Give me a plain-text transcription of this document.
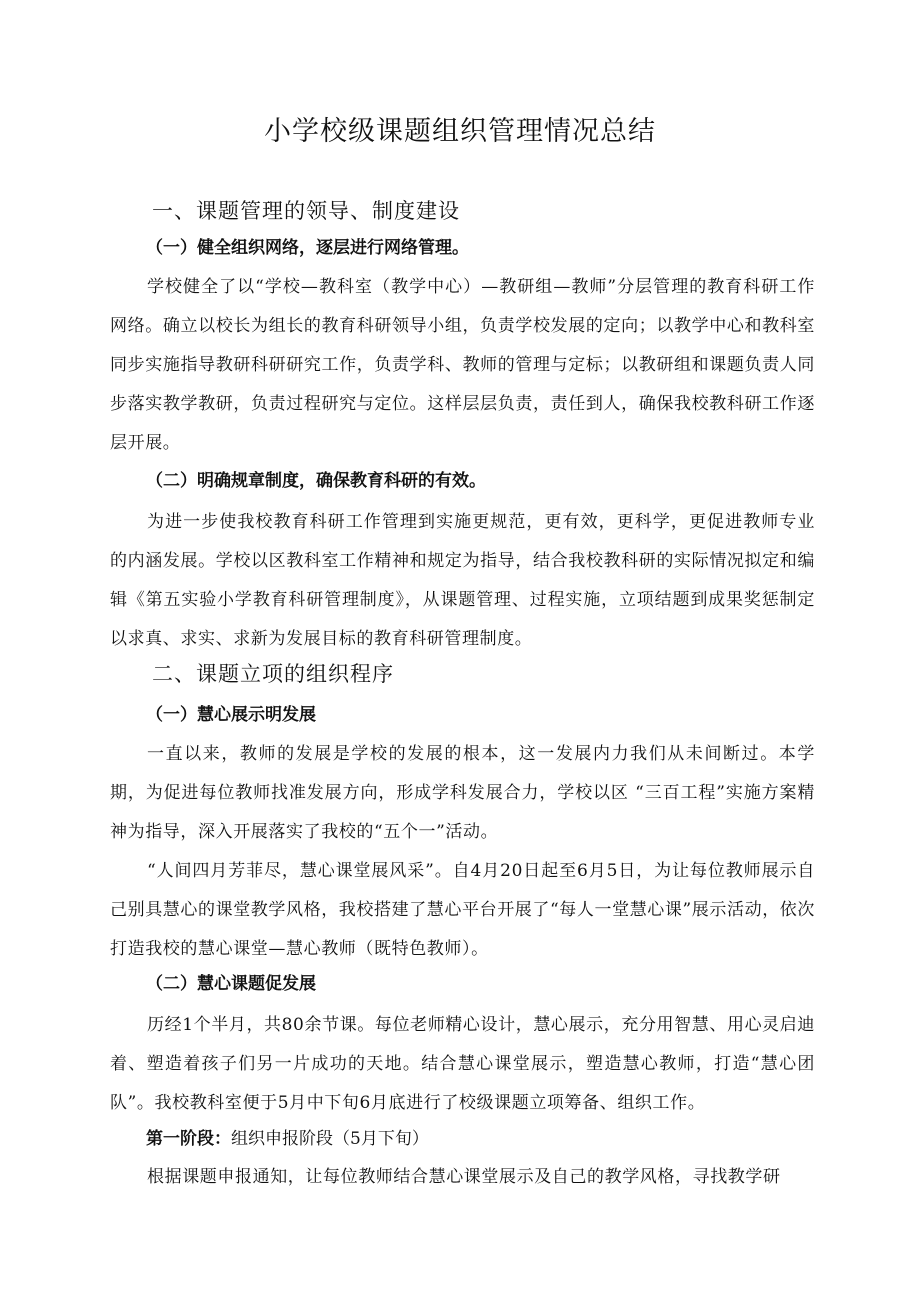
小学校级课题组织管理情况总结
一、课题管理的领导、制度建设
（一）健全组织网络，逐层进行网络管理。
学校健全了以“学校—教科室（教学中心）—教研组—教师”分层管理的教育科研工作网络。确立以校长为组长的教育科研领导小组，负责学校发展的定向；以教学中心和教科室同步实施指导教研科研研究工作，负责学科、教师的管理与定标；以教研组和课题负责人同步落实教学教研，负责过程研究与定位。这样层层负责，责任到人，确保我校教科研工作逐层开展。
（二）明确规章制度，确保教育科研的有效。
为进一步使我校教育科研工作管理到实施更规范，更有效，更科学，更促进教师专业的内涵发展。学校以区教科室工作精神和规定为指导，结合我校教科研的实际情况拟定和编辑《第五实验小学教育科研管理制度》，从课题管理、过程实施，立项结题到成果奖惩制定以求真、求实、求新为发展目标的教育科研管理制度。
二、课题立项的组织程序
（一）慧心展示明发展
一直以来，教师的发展是学校的发展的根本，这一发展内力我们从未间断过。本学期，为促进每位教师找准发展方向，形成学科发展合力，学校以区 “三百工程”实施方案精神为指导，深入开展落实了我校的“五个一”活动。
“人间四月芳菲尽，慧心课堂展风采”。自4月20日起至6月5日，为让每位教师展示自己别具慧心的课堂教学风格，我校搭建了慧心平台开展了“每人一堂慧心课”展示活动，依次打造我校的慧心课堂—慧心教师（既特色教师）。
（二）慧心课题促发展
历经1个半月，共80余节课。每位老师精心设计，慧心展示，充分用智慧、用心灵启迪着、塑造着孩子们另一片成功的天地。结合慧心课堂展示，塑造慧心教师，打造“慧心团队”。我校教科室便于5月中下旬6月底进行了校级课题立项筹备、组织工作。
第一阶段：组织申报阶段（5月下旬）
根据课题申报通知，让每位教师结合慧心课堂展示及自己的教学风格，寻找教学研
